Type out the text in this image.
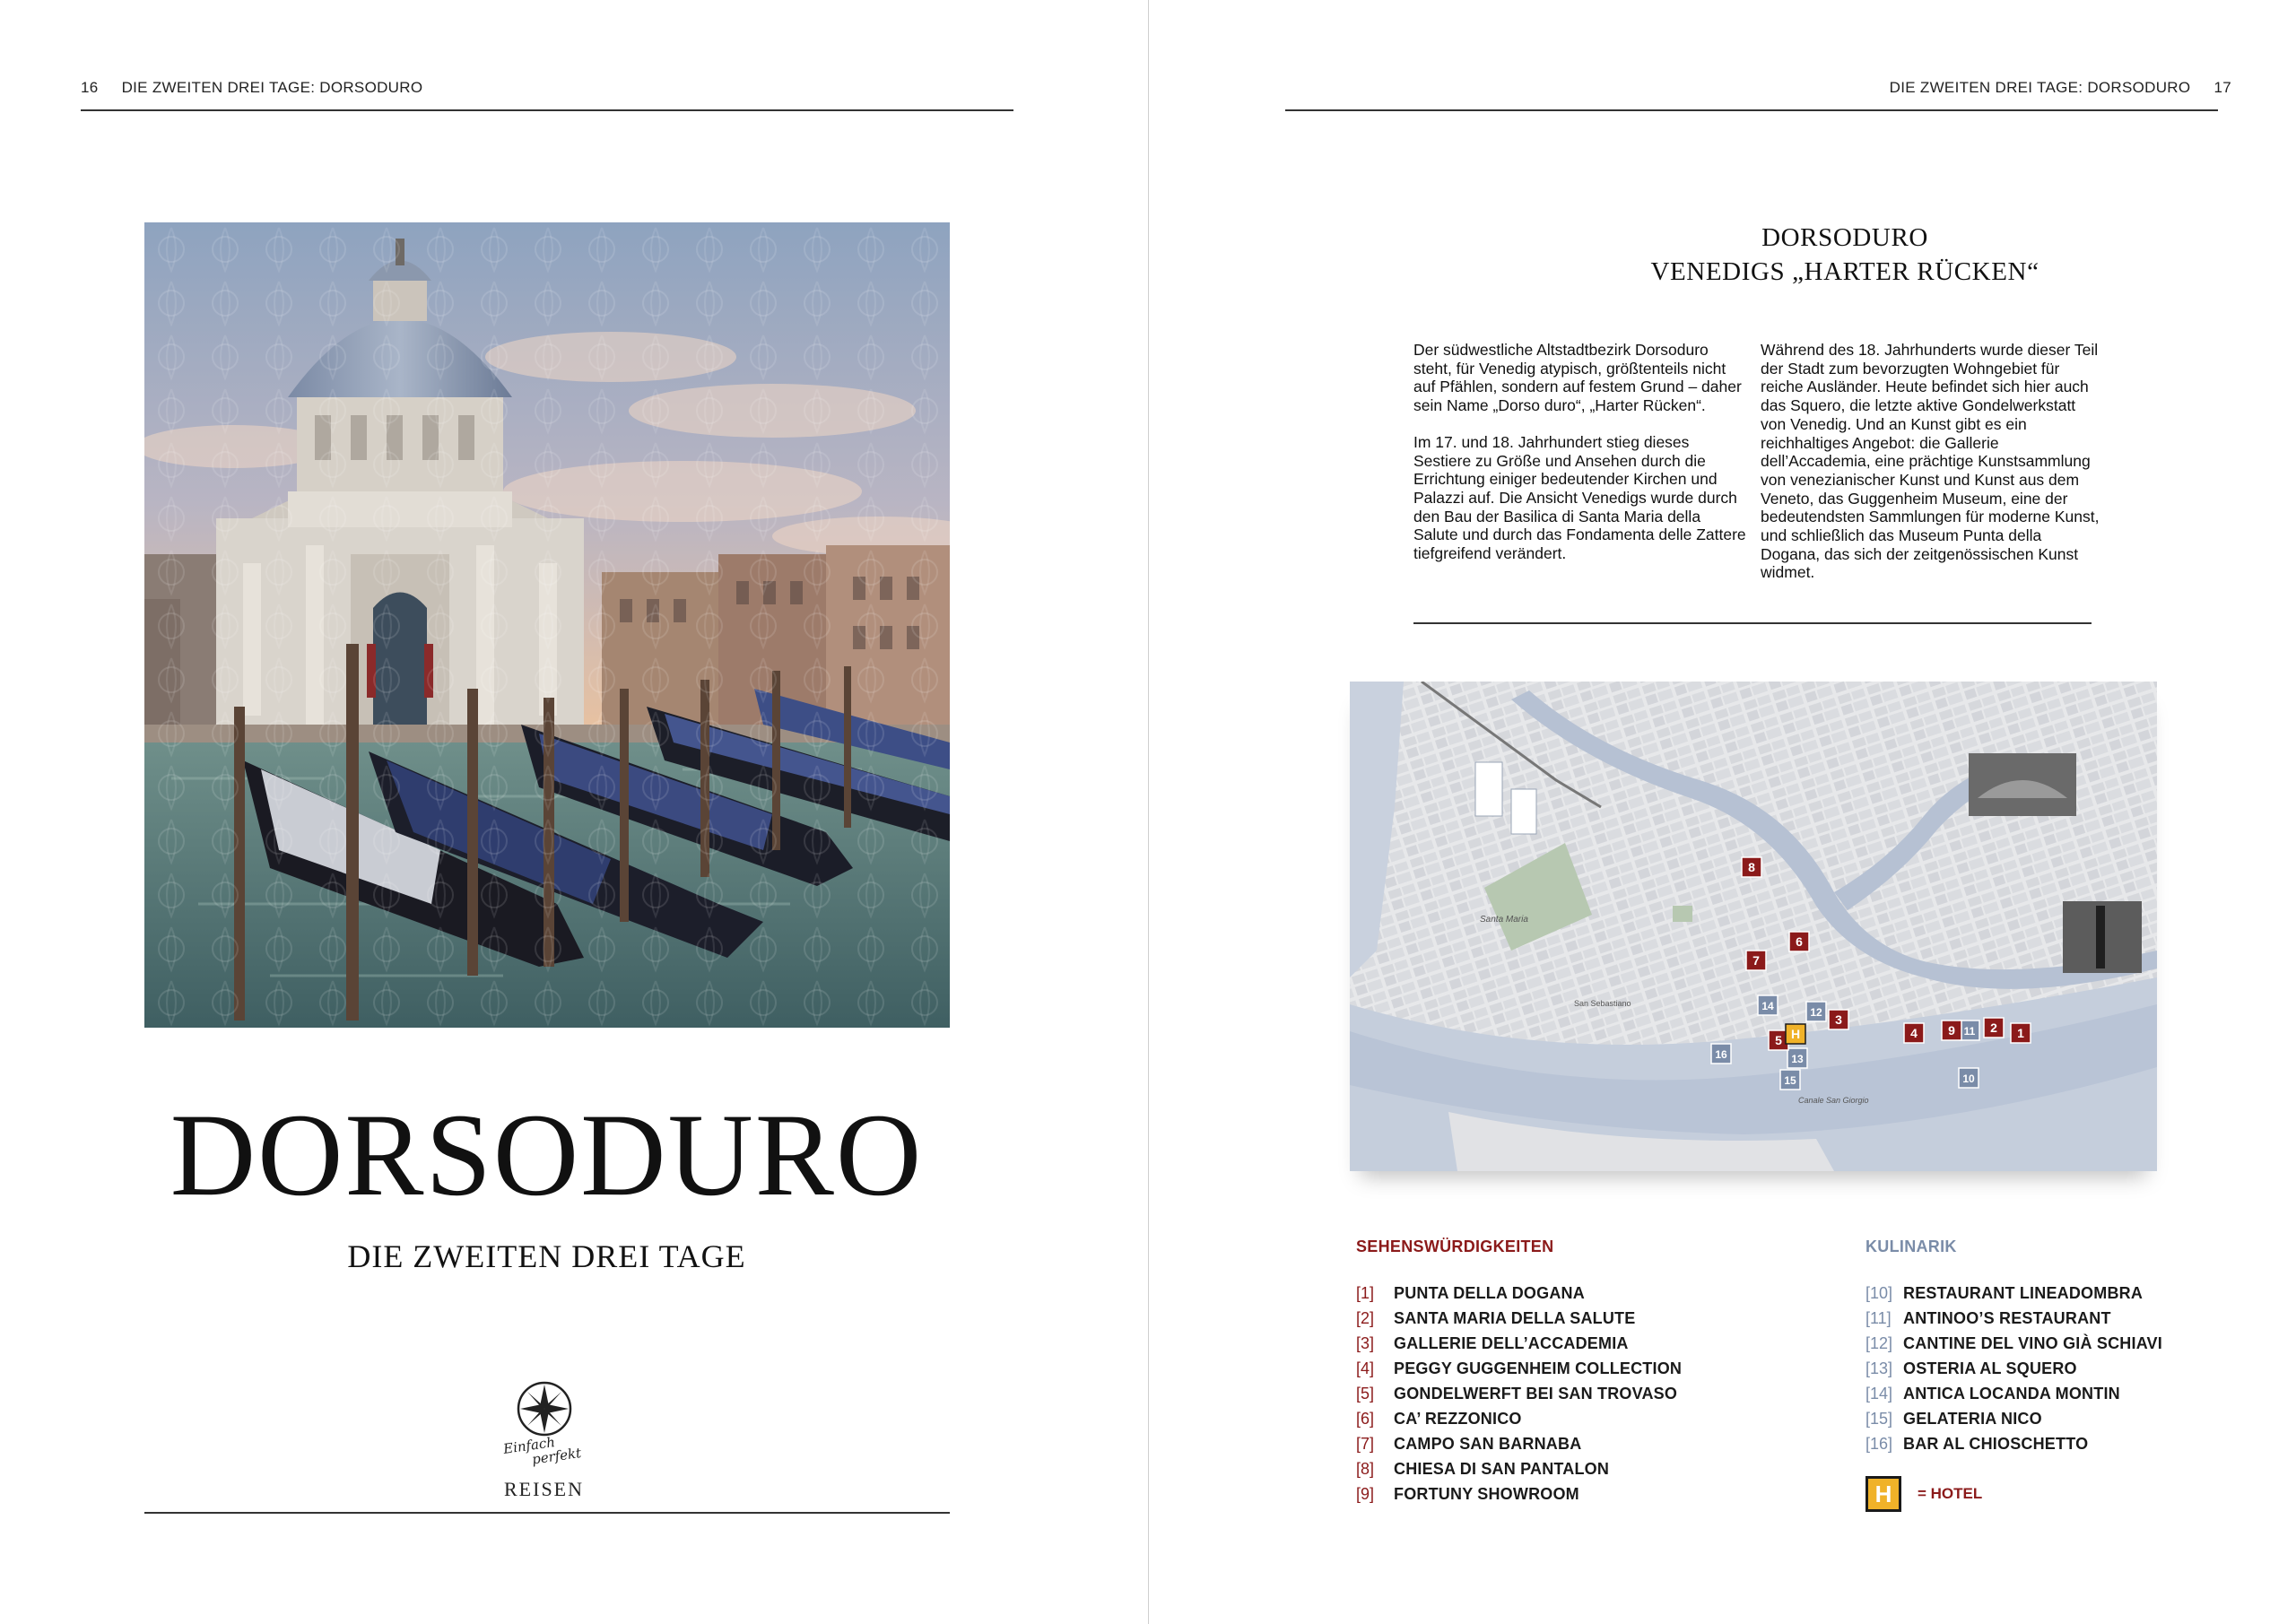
16 DIE ZWEITEN DREI TAGE: DORSODURO
DORSODURO
DIE ZWEITEN DREI TAGE
Einfach
perfekt
REISEN
DIE ZWEITEN DREI TAGE: DORSODURO 17
DORSODURO
VENEDIGS „HARTER RÜCKEN“

Der südwestliche Altstadtbezirk Dorsoduro steht, für Venedig atypisch, größtenteils nicht auf Pfählen, sondern auf festem Grund – daher sein Name „Dorso duro“, „Harter Rücken“.

Im 17. und 18. Jahrhundert stieg dieses Sestiere zu Größe und Ansehen durch die Errichtung einiger bedeutender Kirchen und Palazzi auf. Die Ansicht Venedigs wurde durch den Bau der Basilica di Santa Maria della Salute und durch das Fondamenta delle Zattere tiefgreifend verändert.

Während des 18. Jahrhunderts wurde dieser Teil der Stadt zum bevorzugten Wohngebiet für reiche Ausländer. Heute befindet sich hier auch das Squero, die letzte aktive Gondelwerkstatt von Venedig. Und an Kunst gibt es ein reichhaltiges Angebot: die Gallerie dell’Accademia, eine prächtige Kunstsammlung von venezianischer Kunst und Kunst aus dem Veneto, das Guggenheim Museum, eine der bedeutendsten Sammlungen für moderne Kunst, und schließlich das Museum Punta della Dogana, das sich der zeitgenössischen Kunst widmet.

Santa Maria
San Sebastiano
Canale San Giorgio
10
11
12
13
14
15
16
1
2
3
4
5
6
7
8
9
H
SEHENSWÜRDIGKEITEN	KULINARIK
[1] PUNTA DELLA DOGANA
[2] SANTA MARIA DELLA SALUTE
[3] GALLERIE DELL’ACCADEMIA
[4] PEGGY GUGGENHEIM COLLECTION
[5] GONDELWERFT BEI SAN TROVASO
[6] CA’ REZZONICO
[7] CAMPO SAN BARNABA
[8] CHIESA DI SAN PANTALON
[9] FORTUNY SHOWROOM
[10] RESTAURANT LINEADOMBRA
[11] ANTINOO’S RESTAURANT
[12] CANTINE DEL VINO GIÀ SCHIAVI
[13] OSTERIA AL SQUERO
[14] ANTICA LOCANDA MONTIN
[15] GELATERIA NICO
[16] BAR AL CHIOSCHETTO
H	= HOTEL
